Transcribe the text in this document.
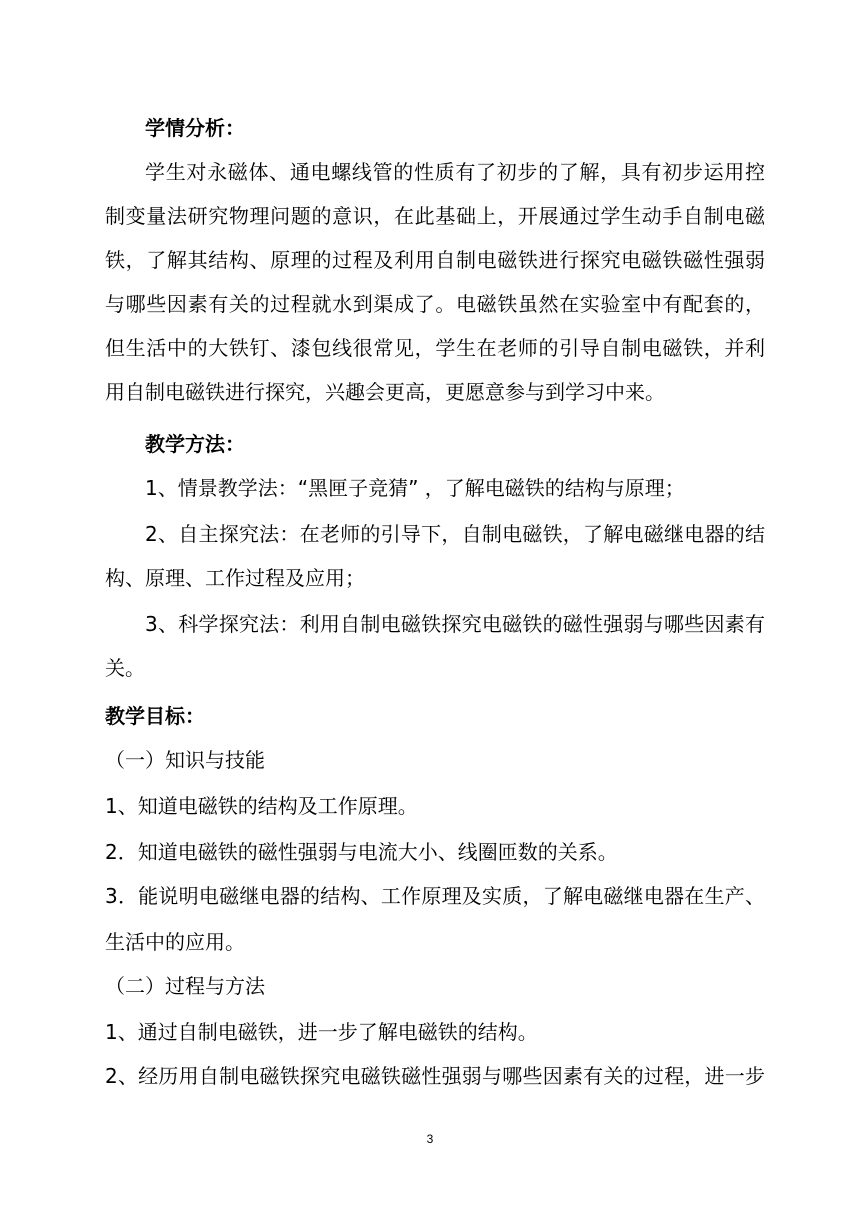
学情分析：
学生对永磁体、通电螺线管的性质有了初步的了解，具有初步运用控
制变量法研究物理问题的意识，在此基础上，开展通过学生动手自制电磁
铁，了解其结构、原理的过程及利用自制电磁铁进行探究电磁铁磁性强弱
与哪些因素有关的过程就水到渠成了。电磁铁虽然在实验室中有配套的，
但生活中的大铁钉、漆包线很常见，学生在老师的引导自制电磁铁，并利
用自制电磁铁进行探究，兴趣会更高，更愿意参与到学习中来。
教学方法：
1、情景教学法：“黑匣子竞猜” ，了解电磁铁的结构与原理；
2、自主探究法：在老师的引导下，自制电磁铁，了解电磁继电器的结
构、原理、工作过程及应用；
3、科学探究法：利用自制电磁铁探究电磁铁的磁性强弱与哪些因素有
关。
教学目标：
（一）知识与技能
1、知道电磁铁的结构及工作原理。
2．知道电磁铁的磁性强弱与电流大小、线圈匝数的关系。
3．能说明电磁继电器的结构、工作原理及实质，了解电磁继电器在生产、
生活中的应用。
（二）过程与方法
1、通过自制电磁铁，进一步了解电磁铁的结构。
2、经历用自制电磁铁探究电磁铁磁性强弱与哪些因素有关的过程，进一步
3
